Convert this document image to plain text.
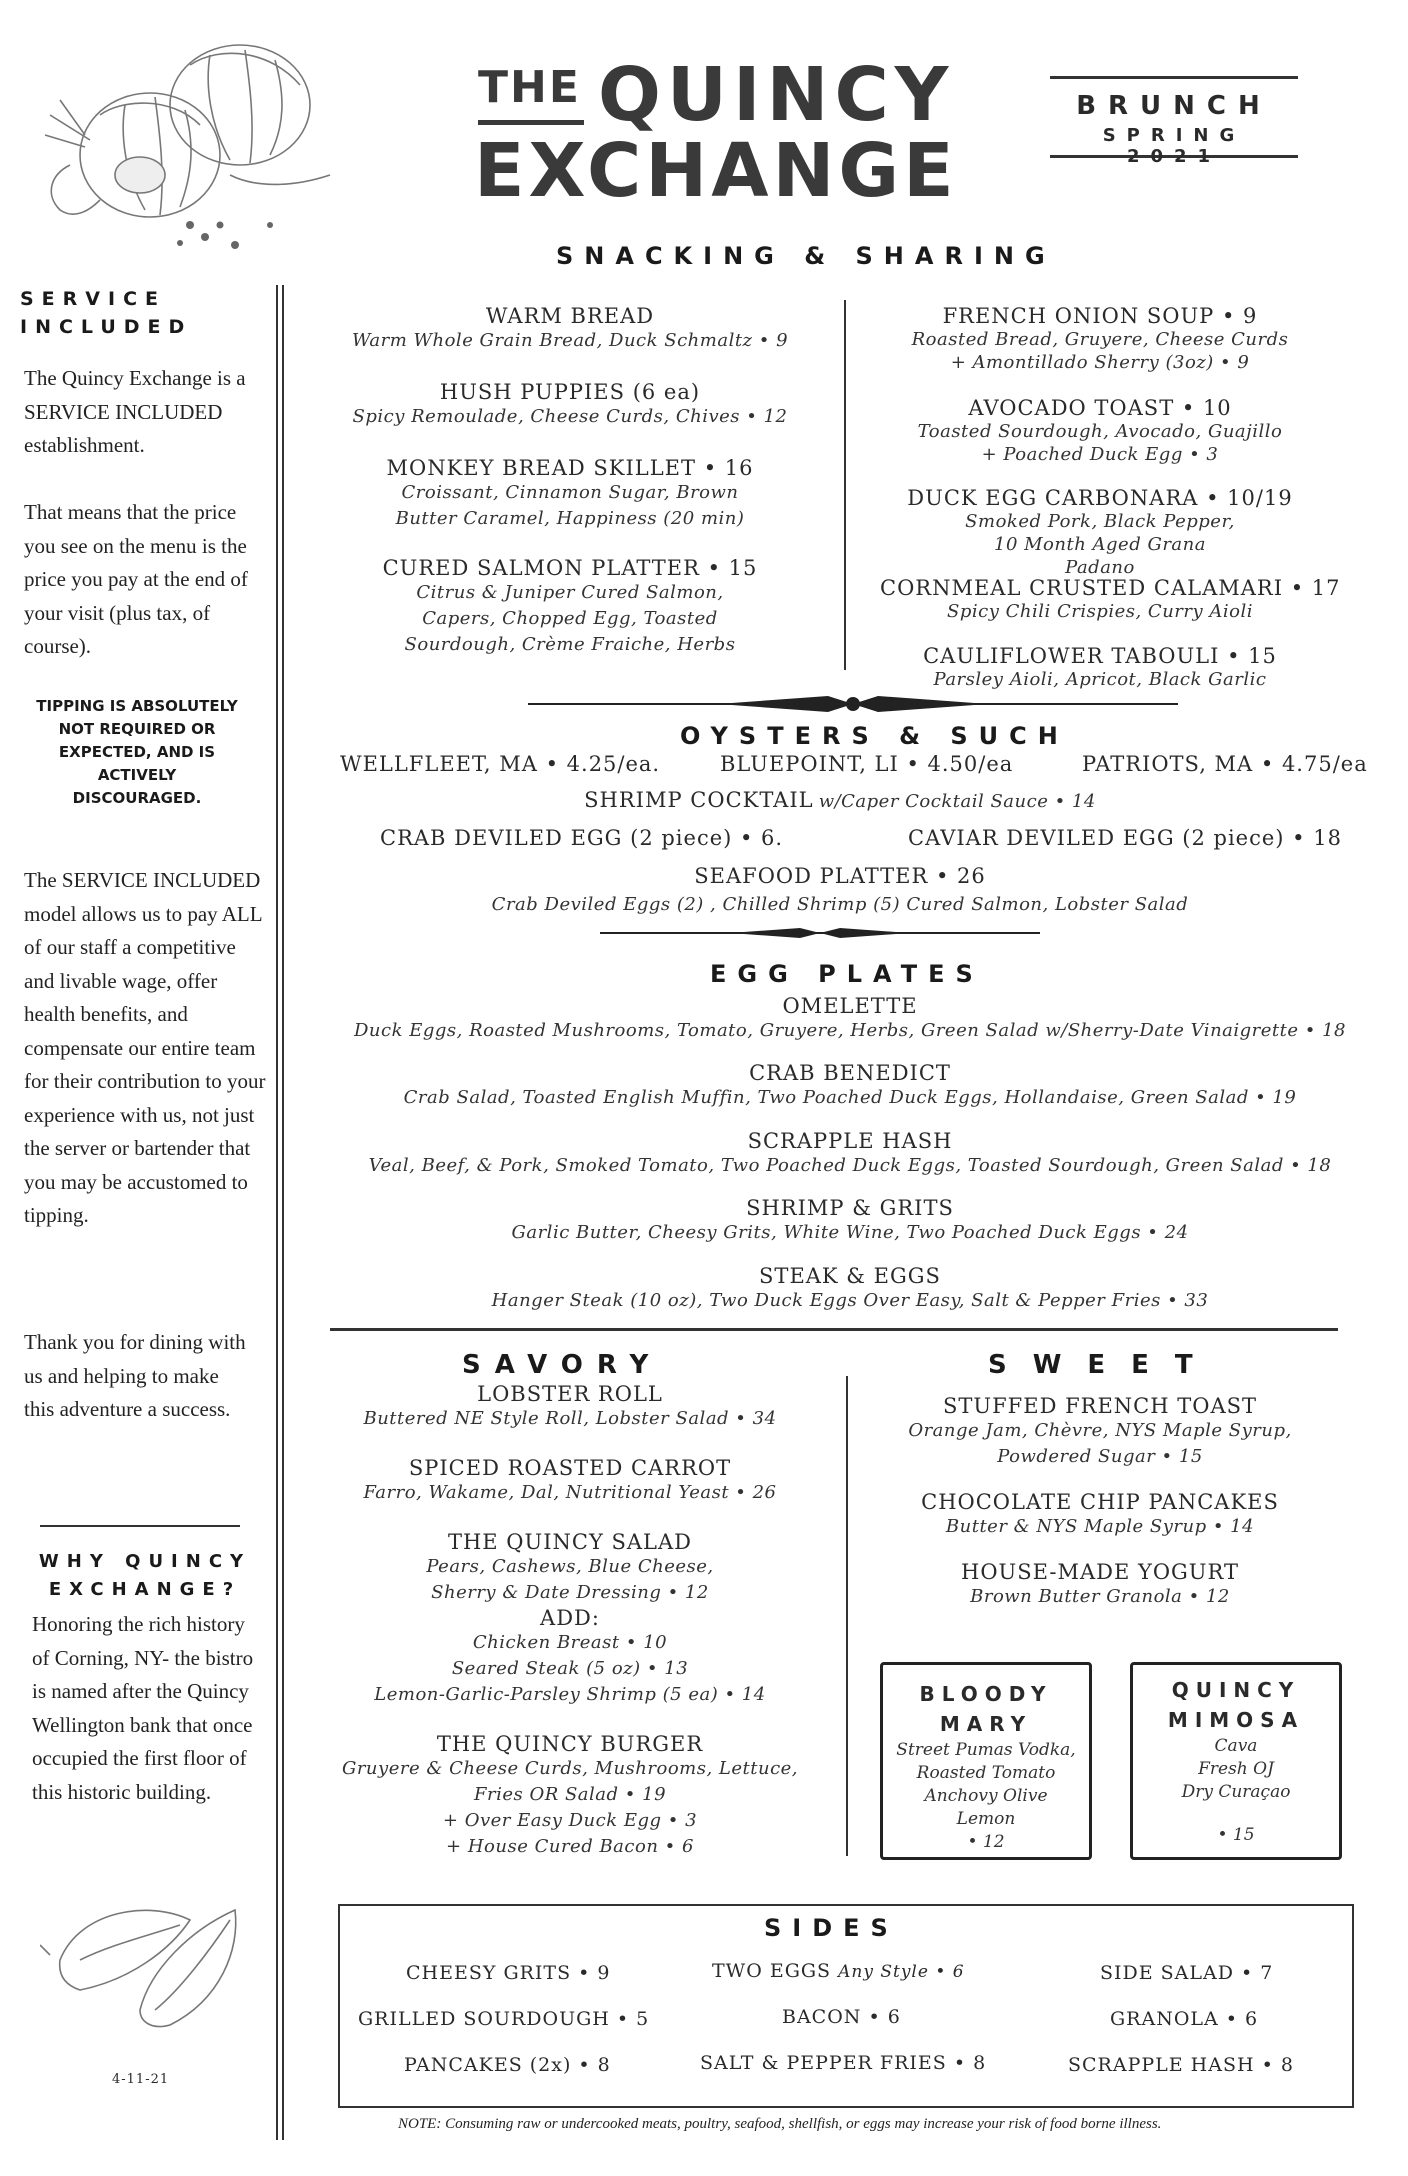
THE QUINCY
EXCHANGE
BRUNCH
SPRING 2021
SERVICE INCLUDED
The Quincy Exchange is a SERVICE INCLUDED establishment.
That means that the price you see on the menu is the price you pay at the end of your visit (plus tax, of course).
TIPPING IS ABSOLUTELY NOT REQUIRED OR EXPECTED, AND IS ACTIVELY DISCOURAGED.
The SERVICE INCLUDED model allows us to pay ALL of our staff a competitive and livable wage, offer health benefits, and compensate our entire team for their contribution to your experience with us, not just the server or bartender that you may be accustomed to tipping.
Thank you for dining with us and helping to make this adventure a success.
WHY QUINCY EXCHANGE?
Honoring the rich history of Corning, NY- the bistro is named after the Quincy Wellington bank that once occupied the first floor of this historic building.
4-11-21
SNACKING & SHARING
WARM BREAD
Warm Whole Grain Bread, Duck Schmaltz • 9
HUSH PUPPIES (6 ea)
Spicy Remoulade, Cheese Curds, Chives • 12
MONKEY BREAD SKILLET • 16
Croissant, Cinnamon Sugar, Brown Butter Caramel, Happiness (20 min)
CURED SALMON PLATTER • 15
Citrus & Juniper Cured Salmon, Capers, Chopped Egg, Toasted Sourdough, Crème Fraiche, Herbs
FRENCH ONION SOUP • 9
Roasted Bread, Gruyere, Cheese Curds + Amontillado Sherry (3oz) • 9
AVOCADO TOAST • 10
Toasted Sourdough, Avocado, Guajillo + Poached Duck Egg • 3
DUCK EGG CARBONARA • 10/19
Smoked Pork, Black Pepper, 10 Month Aged Grana Padano
CORNMEAL CRUSTED CALAMARI • 17
Spicy Chili Crispies, Curry Aioli
CAULIFLOWER TABOULI • 15
Parsley Aioli, Apricot, Black Garlic
OYSTERS & SUCH
WELLFLEET, MA • 4.25/ea.	BLUEPOINT, LI • 4.50/ea	PATRIOTS, MA • 4.75/ea
SHRIMP COCKTAIL w/Caper Cocktail Sauce • 14
CRAB DEVILED EGG (2 piece) • 6.	CAVIAR DEVILED EGG (2 piece) • 18
SEAFOOD PLATTER • 26
Crab Deviled Eggs (2) , Chilled Shrimp (5) Cured Salmon, Lobster Salad
EGG PLATES
OMELETTE
Duck Eggs, Roasted Mushrooms, Tomato, Gruyere, Herbs, Green Salad w/Sherry-Date Vinaigrette • 18
CRAB BENEDICT
Crab Salad, Toasted English Muffin, Two Poached Duck Eggs, Hollandaise, Green Salad • 19
SCRAPPLE HASH
Veal, Beef, & Pork, Smoked Tomato, Two Poached Duck Eggs, Toasted Sourdough, Green Salad • 18
SHRIMP & GRITS
Garlic Butter, Cheesy Grits, White Wine, Two Poached Duck Eggs • 24
STEAK & EGGS
Hanger Steak (10 oz), Two Duck Eggs Over Easy, Salt & Pepper Fries • 33
SAVORY
LOBSTER ROLL
Buttered NE Style Roll, Lobster Salad • 34
SPICED ROASTED CARROT
Farro, Wakame, Dal, Nutritional Yeast • 26
THE QUINCY SALAD
Pears, Cashews, Blue Cheese,
Sherry & Date Dressing • 12
ADD:
Chicken Breast • 10
Seared Steak (5 oz) • 13
Lemon-Garlic-Parsley Shrimp (5 ea) • 14
THE QUINCY BURGER
Gruyere & Cheese Curds, Mushrooms, Lettuce,
Fries OR Salad • 19
+ Over Easy Duck Egg • 3
+ House Cured Bacon • 6
SWEET
STUFFED FRENCH TOAST
Orange Jam, Chèvre, NYS Maple Syrup,
Powdered Sugar • 15
CHOCOLATE CHIP PANCAKES
Butter & NYS Maple Syrup • 14
HOUSE-MADE YOGURT
Brown Butter Granola • 12
BLOODY
MARY
Street Pumas Vodka,
Roasted Tomato
Anchovy Olive
Lemon
• 12
QUINCY
MIMOSA
Cava
Fresh OJ
Dry Curaçao
• 15
SIDES
CHEESY GRITS • 9	TWO EGGS Any Style • 6	SIDE SALAD • 7
GRILLED SOURDOUGH • 5	BACON • 6	GRANOLA • 6
PANCAKES (2x) • 8	SALT & PEPPER FRIES • 8	SCRAPPLE HASH • 8
NOTE: Consuming raw or undercooked meats, poultry, seafood, shellfish, or eggs may increase your risk of food borne illness.
